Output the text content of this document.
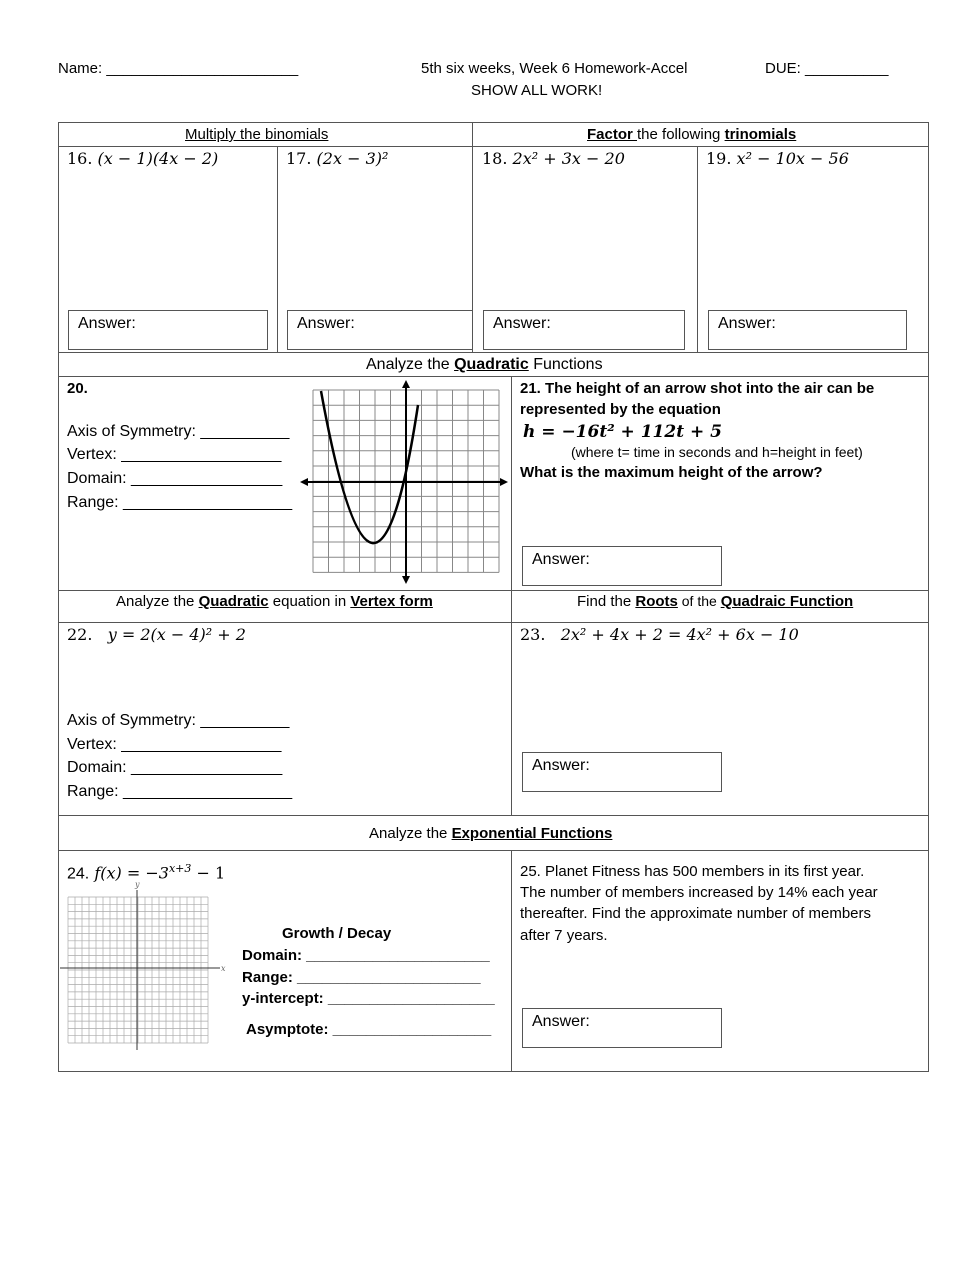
Name: _______________________	5th six weeks, Week 6 Homework-Accel	DUE: __________
SHOW ALL WORK!
Multiply the binomials	Factor the following trinomials
16. (x − 1)(4x − 2)	17. (2x − 3)²	18. 2x² + 3x − 20	19. x² − 10x − 56
Answer:	Answer:	Answer:	Answer:
Analyze the Quadratic Functions
20.
Axis of Symmetry: __________
Vertex: __________________
Domain: _________________
Range: ___________________
21. The height of an arrow shot into the air can be
represented by the equation
h = −16t² + 112t + 5
(where t= time in seconds and h=height in feet)
What is the maximum height of the arrow?
Answer:
Analyze the Quadratic equation in Vertex form	Find the Roots of the Quadraic Function
22. y = 2(x − 4)² + 2
Axis of Symmetry: __________
Vertex: __________________
Domain: _________________
Range: ___________________
23. 2x² + 4x + 2 = 4x² + 6x − 10
Answer:
Analyze the Exponential Functions
24. $f(x) = -3^{x+3} - 1$
x
y
Growth / Decay
Domain: ______________________
Range: ______________________
y-intercept: ____________________
Asymptote: ___________________
25. Planet Fitness has 500 members in its first year.
The number of members increased by 14% each year
thereafter. Find the approximate number of members
after 7 years.
Answer:
